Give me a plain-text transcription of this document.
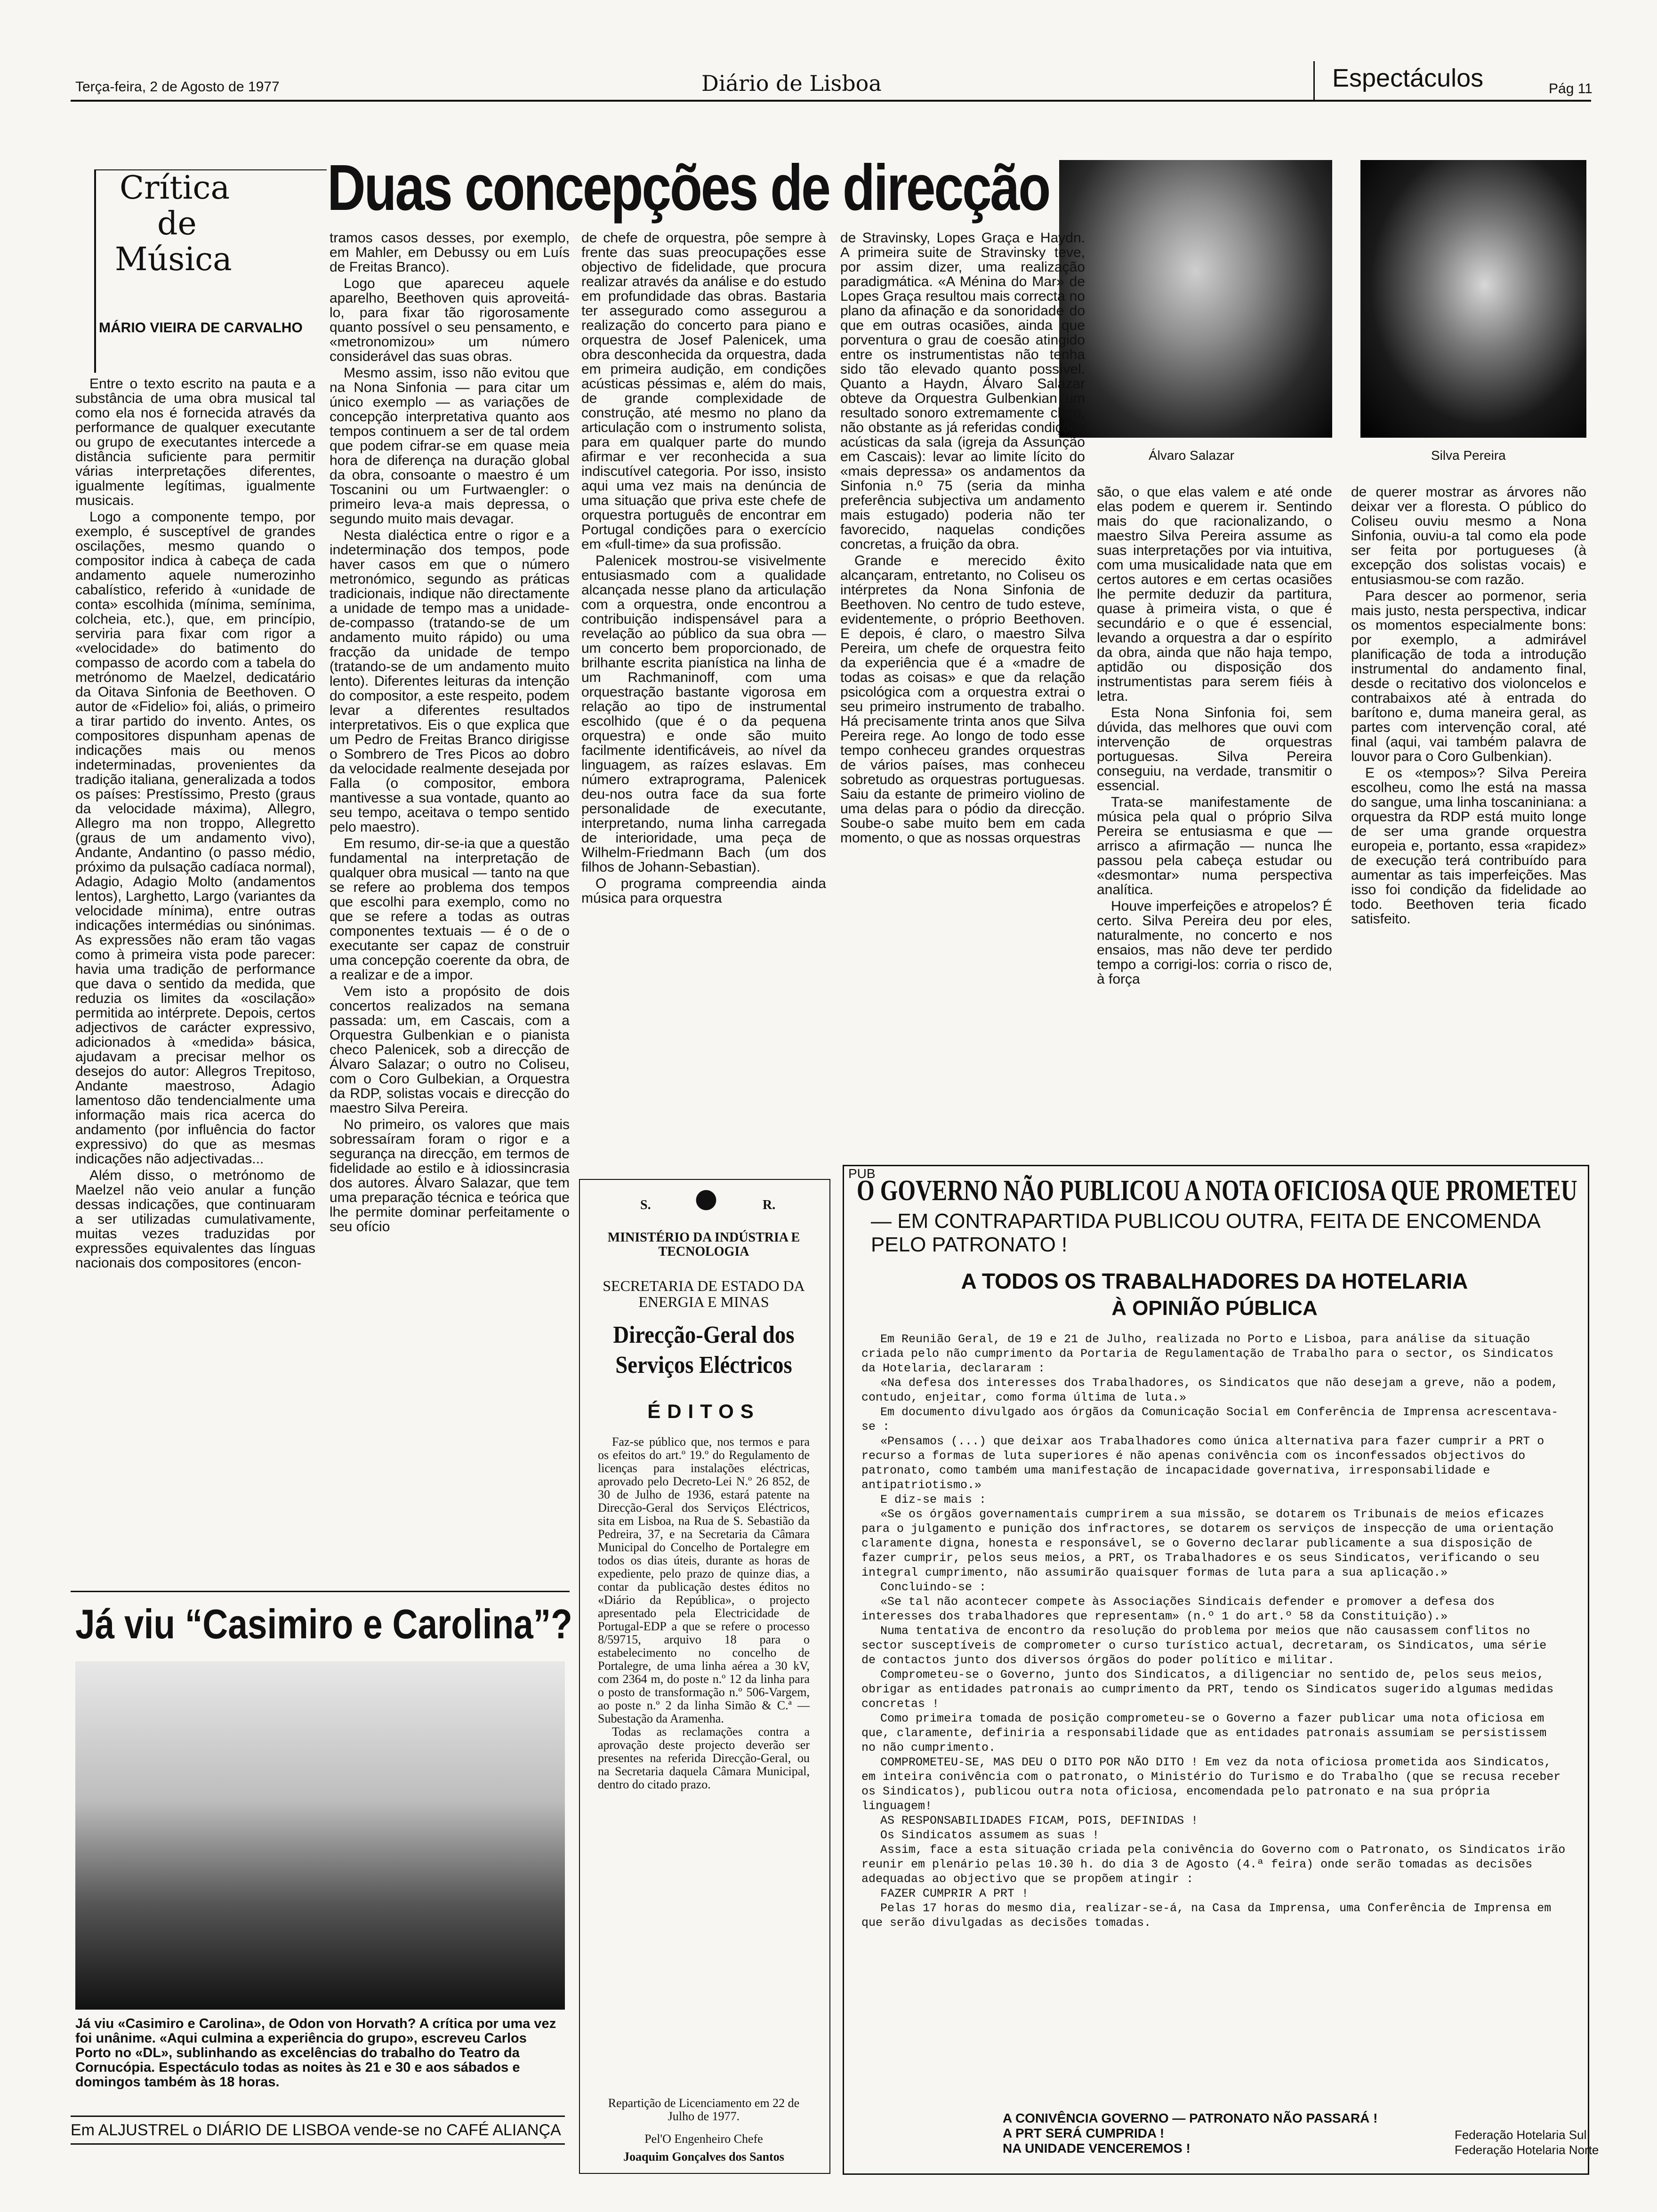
Terça-feira, 2 de Agosto de 1977	Diário de Lisboa	Espectáculos	Pág 11
Crítica
de
Música
MÁRIO VIEIRA DE CARVALHO
Duas concepções de direcção
Álvaro Salazar	Silva Pereira

Entre o texto escrito na pauta e a substância de uma obra musical tal como ela nos é fornecida através da performance de qualquer executante ou grupo de executantes intercede a distância suficiente para permitir várias interpretações diferentes, igualmente legítimas, igualmente musicais.

Logo a componente tempo, por exemplo, é susceptível de grandes oscilações, mesmo quando o compositor indica à cabeça de cada andamento aquele numerozinho cabalístico, referido à «unidade de conta» escolhida (mínima, semínima, colcheia, etc.), que, em princípio, serviria para fixar com rigor a «velocidade» do batimento do compasso de acordo com a tabela do metrónomo de Maelzel, dedicatário da Oitava Sinfonia de Beethoven. O autor de «Fidelio» foi, aliás, o primeiro a tirar partido do invento. Antes, os compositores dispunham apenas de indicações mais ou menos indeterminadas, provenientes da tradição italiana, generalizada a todos os países: Prestíssimo, Presto (graus da velocidade máxima), Allegro, Allegro ma non troppo, Allegretto (graus de um andamento vivo), Andante, Andantino (o passo médio, próximo da pulsação cadíaca normal), Adagio, Adagio Molto (andamentos lentos), Larghetto, Largo (variantes da velocidade mínima), entre outras indicações intermédias ou sinónimas. As expressões não eram tão vagas como à primeira vista pode parecer: havia uma tradição de performance que dava o sentido da medida, que reduzia os limites da «oscilação» permitida ao intérprete. Depois, certos adjectivos de carácter expressivo, adicionados à «medida» básica, ajudavam a precisar melhor os desejos do autor: Allegros Trepitoso, Andante maestroso, Adagio lamentoso dão tendencialmente uma informação mais rica acerca do andamento (por influência do factor expressivo) do que as mesmas indicações não adjectivadas...

Além disso, o metrónomo de Maelzel não veio anular a função dessas indicações, que continuaram a ser utilizadas cumulativamente, muitas vezes traduzidas por expressões equivalentes das línguas nacionais dos compositores (encon-

tramos casos desses, por exemplo, em Mahler, em Debussy ou em Luís de Freitas Branco).

Logo que apareceu aquele aparelho, Beethoven quis aproveitá-lo, para fixar tão rigorosamente quanto possível o seu pensamento, e «metronomizou» um número considerável das suas obras.

Mesmo assim, isso não evitou que na Nona Sinfonia — para citar um único exemplo — as variações de concepção interpretativa quanto aos tempos continuem a ser de tal ordem que podem cifrar-se em quase meia hora de diferença na duração global da obra, consoante o maestro é um Toscanini ou um Furtwaengler: o primeiro leva-a mais depressa, o segundo muito mais devagar.

Nesta dialéctica entre o rigor e a indeterminação dos tempos, pode haver casos em que o número metronómico, segundo as práticas tradicionais, indique não directamente a unidade de tempo mas a unidade-de-compasso (tratando-se de um andamento muito rápido) ou uma fracção da unidade de tempo (tratando-se de um andamento muito lento). Diferentes leituras da intenção do compositor, a este respeito, podem levar a diferentes resultados interpretativos. Eis o que explica que um Pedro de Freitas Branco dirigisse o Sombrero de Tres Picos ao dobro da velocidade realmente desejada por Falla (o compositor, embora mantivesse a sua vontade, quanto ao seu tempo, aceitava o tempo sentido pelo maestro).

Em resumo, dir-se-ia que a questão fundamental na interpretação de qualquer obra musical — tanto na que se refere ao problema dos tempos que escolhi para exemplo, como no que se refere a todas as outras componentes textuais — é o de o executante ser capaz de construir uma concepção coerente da obra, de a realizar e de a impor.

Vem isto a propósito de dois concertos realizados na semana passada: um, em Cascais, com a Orquestra Gulbenkian e o pianista checo Palenicek, sob a direcção de Álvaro Salazar; o outro no Coliseu, com o Coro Gulbekian, a Orquestra da RDP, solistas vocais e direcção do maestro Silva Pereira.

No primeiro, os valores que mais sobressaíram foram o rigor e a segurança na direcção, em termos de fidelidade ao estilo e à idiossincrasia dos autores. Álvaro Salazar, que tem uma preparação técnica e teórica que lhe permite dominar perfeitamente o seu ofício

de chefe de orquestra, pôe sempre à frente das suas preocupações esse objectivo de fidelidade, que procura realizar através da análise e do estudo em profundidade das obras. Bastaria ter assegurado como assegurou a realização do concerto para piano e orquestra de Josef Palenicek, uma obra desconhecida da orquestra, dada em primeira audição, em condições acústicas péssimas e, além do mais, de grande complexidade de construção, até mesmo no plano da articulação com o instrumento solista, para em qualquer parte do mundo afirmar e ver reconhecida a sua indiscutível categoria. Por isso, insisto aqui uma vez mais na denúncia de uma situação que priva este chefe de orquestra português de encontrar em Portugal condições para o exercício em «full-time» da sua profissão.

Palenicek mostrou-se visivelmente entusiasmado com a qualidade alcançada nesse plano da articulação com a orquestra, onde encontrou a contribuição indispensável para a revelação ao público da sua obra — um concerto bem proporcionado, de brilhante escrita pianística na linha de um Rachmaninoff, com uma orquestração bastante vigorosa em relação ao tipo de instrumental escolhido (que é o da pequena orquestra) e onde são muito facilmente identificáveis, ao nível da linguagem, as raízes eslavas. Em número extraprograma, Palenicek deu-nos outra face da sua forte personalidade de executante, interpretando, numa linha carregada de interioridade, uma peça de Wilhelm-Friedmann Bach (um dos filhos de Johann-Sebastian).

O programa compreendia ainda música para orquestra

de Stravinsky, Lopes Graça e Haydn. A primeira suite de Stravinsky teve, por assim dizer, uma realização paradigmática. «A Ménina do Mar» de Lopes Graça resultou mais correcta no plano da afinação e da sonoridade do que em outras ocasiões, ainda que porventura o grau de coesão atingido entre os instrumentistas não tenha sido tão elevado quanto possível. Quanto a Haydn, Álvaro Salazar obteve da Orquestra Gulbenkian um resultado sonoro extremamente claro, não obstante as já referidas condições acústicas da sala (igreja da Assunção em Cascais): levar ao limite lícito do «mais depressa» os andamentos da Sinfonia n.º 75 (seria da minha preferência subjectiva um andamento mais estugado) poderia não ter favorecido, naquelas condições concretas, a fruição da obra.

Grande e merecido êxito alcançaram, entretanto, no Coliseu os intérpretes da Nona Sinfonia de Beethoven. No centro de tudo esteve, evidentemente, o próprio Beethoven. E depois, é claro, o maestro Silva Pereira, um chefe de orquestra feito da experiência que é a «madre de todas as coisas» e que da relação psicológica com a orquestra extrai o seu primeiro instrumento de trabalho. Há precisamente trinta anos que Silva Pereira rege. Ao longo de todo esse tempo conheceu grandes orquestras de vários países, mas conheceu sobretudo as orquestras portuguesas. Saiu da estante de primeiro violino de uma delas para o pódio da direcção. Soube-o sabe muito bem em cada momento, o que as nossas orquestras

são, o que elas valem e até onde elas podem e querem ir. Sentindo mais do que racionalizando, o maestro Silva Pereira assume as suas interpretações por via intuitiva, com uma musicalidade nata que em certos autores e em certas ocasiões lhe permite deduzir da partitura, quase à primeira vista, o que é secundário e o que é essencial, levando a orquestra a dar o espírito da obra, ainda que não haja tempo, aptidão ou disposição dos instrumentistas para serem fiéis à letra.

Esta Nona Sinfonia foi, sem dúvida, das melhores que ouvi com intervenção de orquestras portuguesas. Silva Pereira conseguiu, na verdade, transmitir o essencial.

Trata-se manifestamente de música pela qual o próprio Silva Pereira se entusiasma e que — arrisco a afirmação — nunca lhe passou pela cabeça estudar ou «desmontar» numa perspectiva analítica.

Houve imperfeições e atropelos? É certo. Silva Pereira deu por eles, naturalmente, no concerto e nos ensaios, mas não deve ter perdido tempo a corrigi-los: corria o risco de, à força

de querer mostrar as árvores não deixar ver a floresta. O público do Coliseu ouviu mesmo a Nona Sinfonia, ouviu-a tal como ela pode ser feita por portugueses (à excepção dos solistas vocais) e entusiasmou-se com razão.

Para descer ao pormenor, seria mais justo, nesta perspectiva, indicar os momentos especialmente bons: por exemplo, a admirável planificação de toda a introdução instrumental do andamento final, desde o recitativo dos violoncelos e contrabaixos até à entrada do barítono e, duma maneira geral, as partes com intervenção coral, até final (aqui, vai também palavra de louvor para o Coro Gulbenkian).

E os «tempos»? Silva Pereira escolheu, como lhe está na massa do sangue, uma linha toscaniniana: a orquestra da RDP está muito longe de ser uma grande orquestra europeia e, portanto, essa «rapidez» de execução terá contribuído para aumentar as tais imperfeições. Mas isso foi condição da fidelidade ao todo. Beethoven teria ficado satisfeito.

Já viu “Casimiro e Carolina”?
Já viu «Casimiro e Carolina», de Odon von Horvath? A crítica por uma vez foi unânime. «Aqui culmina a experiência do grupo», escreveu Carlos Porto no «DL», sublinhando as excelências do trabalho do Teatro da Cornucópia. Espectáculo todas as noites às 21 e 30 e aos sábados e domingos também às 18 horas.
Em ALJUSTREL o DIÁRIO DE LISBOA vende-se no CAFÉ ALIANÇA
S.	R.
MINISTÉRIO DA INDÚSTRIA E TECNOLOGIA
SECRETARIA DE ESTADO DA ENERGIA E MINAS
Direcção-Geral dos Serviços Eléctricos
ÉDITOS
Faz-se público que, nos termos e para os efeitos do art.º 19.º do Regulamento de licenças para instalações eléctricas, aprovado pelo Decreto-Lei N.º 26 852, de 30 de Julho de 1936, estará patente na Direcção-Geral dos Serviços Eléctricos, sita em Lisboa, na Rua de S. Sebastião da Pedreira, 37, e na Secretaria da Câmara Municipal do Concelho de Portalegre em todos os dias úteis, durante as horas de expediente, pelo prazo de quinze dias, a contar da publicação destes éditos no «Diário da República», o projecto apresentado pela Electricidade de Portugal-EDP a que se refere o processo 8/59715, arquivo 18 para o estabelecimento no concelho de Portalegre, de uma linha aérea a 30 kV, com 2364 m, do poste n.º 12 da linha para o posto de transformação n.º 506-Vargem, ao poste n.º 2 da linha Simão & C.ª — Subestação da Aramenha.
Todas as reclamações contra a aprovação deste projecto deverão ser presentes na referida Direcção-Geral, ou na Secretaria daquela Câmara Municipal, dentro do citado prazo.
Repartição de Licenciamento em 22 de Julho de 1977.
Pel'O Engenheiro Chefe
Joaquim Gonçalves dos Santos
PUB
O GOVERNO NÃO PUBLICOU A NOTA OFICIOSA QUE PROMETEU
— EM CONTRAPARTIDA PUBLICOU OUTRA, FEITA DE ENCOMENDA PELO PATRONATO !
A TODOS OS TRABALHADORES DA HOTELARIA
À OPINIÃO PÚBLICA

Em Reunião Geral, de 19 e 21 de Julho, realizada no Porto e Lisboa, para análise da situação criada pelo não cumprimento da Portaria de Regulamentação de Trabalho para o sector, os Sindicatos da Hotelaria, declararam :

«Na defesa dos interesses dos Trabalhadores, os Sindicatos que não desejam a greve, não a podem, contudo, enjeitar, como forma última de luta.»

Em documento divulgado aos órgãos da Comunicação Social em Conferência de Imprensa acrescentava-se :

«Pensamos (...) que deixar aos Trabalhadores como única alternativa para fazer cumprir a PRT o recurso a formas de luta superiores é não apenas conivência com os inconfessados objectivos do patronato, como também uma manifestação de incapacidade governativa, irresponsabilidade e antipatriotismo.»

E diz-se mais :

«Se os órgãos governamentais cumprirem a sua missão, se dotarem os Tribunais de meios eficazes para o julgamento e punição dos infractores, se dotarem os serviços de inspecção de uma orientação claramente digna, honesta e responsável, se o Governo declarar publicamente a sua disposição de fazer cumprir, pelos seus meios, a PRT, os Trabalhadores e os seus Sindicatos, verificando o seu integral cumprimento, não assumirão quaisquer formas de luta para a sua aplicação.»

Concluindo-se :

«Se tal não acontecer compete às Associações Sindicais defender e promover a defesa dos interesses dos trabalhadores que representam» (n.º 1 do art.º 58 da Constituição).»

Numa tentativa de encontro da resolução do problema por meios que não causassem conflitos no sector susceptíveis de comprometer o curso turístico actual, decretaram, os Sindicatos, uma série de contactos junto dos diversos órgãos do poder político e militar.

Comprometeu-se o Governo, junto dos Sindicatos, a diligenciar no sentido de, pelos seus meios, obrigar as entidades patronais ao cumprimento da PRT, tendo os Sindicatos sugerido algumas medidas concretas !

Como primeira tomada de posição comprometeu-se o Governo a fazer publicar uma nota oficiosa em que, claramente, definiria a responsabilidade que as entidades patronais assumiam se persistissem no não cumprimento.

COMPROMETEU-SE, MAS DEU O DITO POR NÃO DITO ! Em vez da nota oficiosa prometida aos Sindicatos, em inteira conivência com o patronato, o Ministério do Turismo e do Trabalho (que se recusa receber os Sindicatos), publicou outra nota oficiosa, encomendada pelo patronato e na sua própria linguagem!

AS RESPONSABILIDADES FICAM, POIS, DEFINIDAS !

Os Sindicatos assumem as suas !

Assim, face a esta situação criada pela conivência do Governo com o Patronato, os Sindicatos irão reunir em plenário pelas 10.30 h. do dia 3 de Agosto (4.ª feira) onde serão tomadas as decisões adequadas ao objectivo que se propõem atingir :

FAZER CUMPRIR A PRT !

Pelas 17 horas do mesmo dia, realizar-se-á, na Casa da Imprensa, uma Conferência de Imprensa em que serão divulgadas as decisões tomadas.

A CONIVÊNCIA GOVERNO — PATRONATO NÃO PASSARÁ !
A PRT SERÁ CUMPRIDA !
NA UNIDADE VENCEREMOS !
Federação Hotelaria Sul
Federação Hotelaria Norte
